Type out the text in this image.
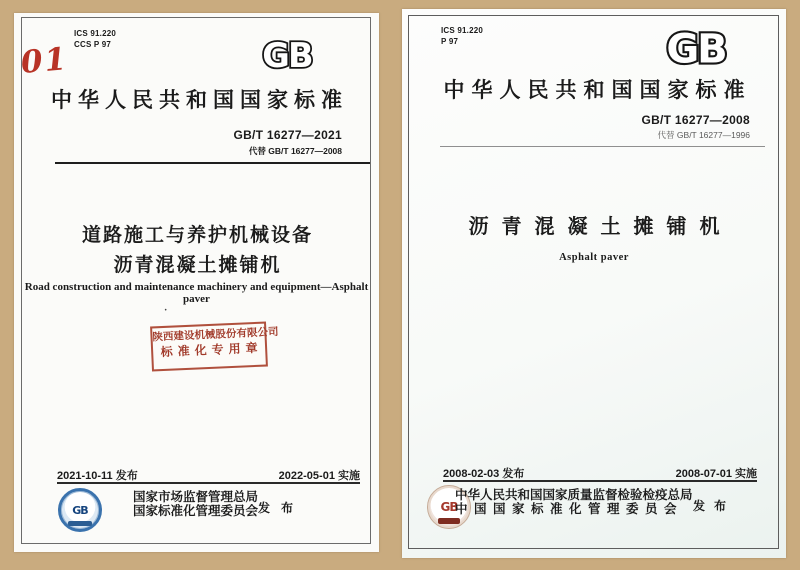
ICS 91.220
CCS P 97
01	GB
中华人民共和国国家标准
GB/T 16277—2021
代替 GB/T 16277—2008
道路施工与养护机械设备
沥青混凝土摊铺机
Road construction and maintenance machinery and equipment—Asphalt paver
·
陕西建设机械股份有限公司
标准化专用章
2021-10-11 发布	2022-05-01 实施
GB
国家市场监督管理总局
国家标准化管理委员会 发 布
ICS 91.220
P 97	GB
中华人民共和国国家标准
GB/T 16277—2008
代替 GB/T 16277—1996
沥青混凝土摊铺机
Asphalt paver
2008-02-03 发布	2008-07-01 实施
GB
中华人民共和国国家质量监督检验检疫总局
中国国家标准化管理委员会 发 布
